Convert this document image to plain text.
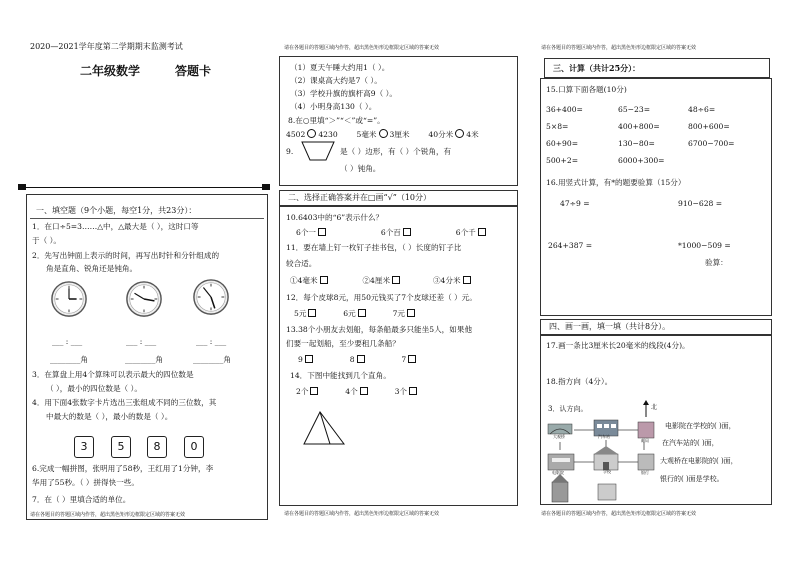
2020—2021学年度第二学期期末监测考试
二年级数学	答题卡
一、填空题（9个小题，每空1分，共23分）：
1．在口÷5=3……△中，△最大是（ ），这时口等
于（ ）。
2．先写出钟面上表示的时间，再写出时针和分针组成的
角是直角、锐角还是钝角。
___ : ___	___ : ___	___ : ___
________角	________角	________角
3．在算盘上用4个算珠可以表示最大的四位数是
（ ），最小的四位数是（ ）。
4．用下面4张数字卡片选出三张组成不同的三位数，其
中最大的数是（ ），最小的数是（ ）。
3	5	8	0
6.完成一幅拼图，张明用了58秒，王红用了1分钟，李
华用了55秒。（ ）拼得快一些。
7．在（ ）里填合适的单位。
请在各题目的答题区域内作答，超出黑色矩形边框限定区域的答案无效
请在各题目的答题区域内作答，超出黑色矩形边框限定区域的答案无效
（1）夏天午睡大约用1（ ）。
（2）课桌高大约是7（ ）。
（3）学校升旗的旗杆高9（ ）。
（4）小明身高130（ ）。
8.在○里填“＞”“＜”或“=”。
4502 4230 5毫米 3厘米 40分米 4米
9.	是（ ）边形，有（ ）个锐角，有
（ ）钝角。
二、选择正确答案并在□画“√”（10分）
10.6403中的“6”表示什么？
6个一	6个百	6个千
11．要在墙上钉一枚钉子挂书包，（ ）长度的钉子比
较合适。
①4毫米	②4厘米	③4分米
12．每个皮球8元，用50元钱买了7个皮球还差（ ）元。
5元	6元	7元
13.38个小朋友去划船，每条船最多只能坐5人，如果他
们要一起划船，至少要租几条船？
9	8	7
14．下图中能找到几个直角。
2个	4个	3个
请在各题目的答题区域内作答，超出黑色矩形边框限定区域的答案无效
请在各题目的答题区域内作答，超出黑色矩形边框限定区域的答案无效
三、计算（共计25分）：
15.口算下面各题(10分)
36+400=	65−23=	48÷6=
5×8=	400+800=	800+600=
60+90=	130−80=	6700−700=
500+2=	6000+300=
16.用竖式计算，有*的题要验算（15分）
47÷9 =	910−628 =
264+387 =	*1000−509 =
验算：
四、画一画，填一填（共计8分）。
17.画一条比3厘米长20毫米的线段(4分)。
18.指方向（4分）。
3．认方向。	北
大观桥	汽车站
学校
邮局
电影院	银行
电影院在学校的( )面，
在汽车站的( )面，
大观桥在电影院的( )面，
银行的( )面是学校。
请在各题目的答题区域内作答，超出黑色矩形边框限定区域的答案无效
